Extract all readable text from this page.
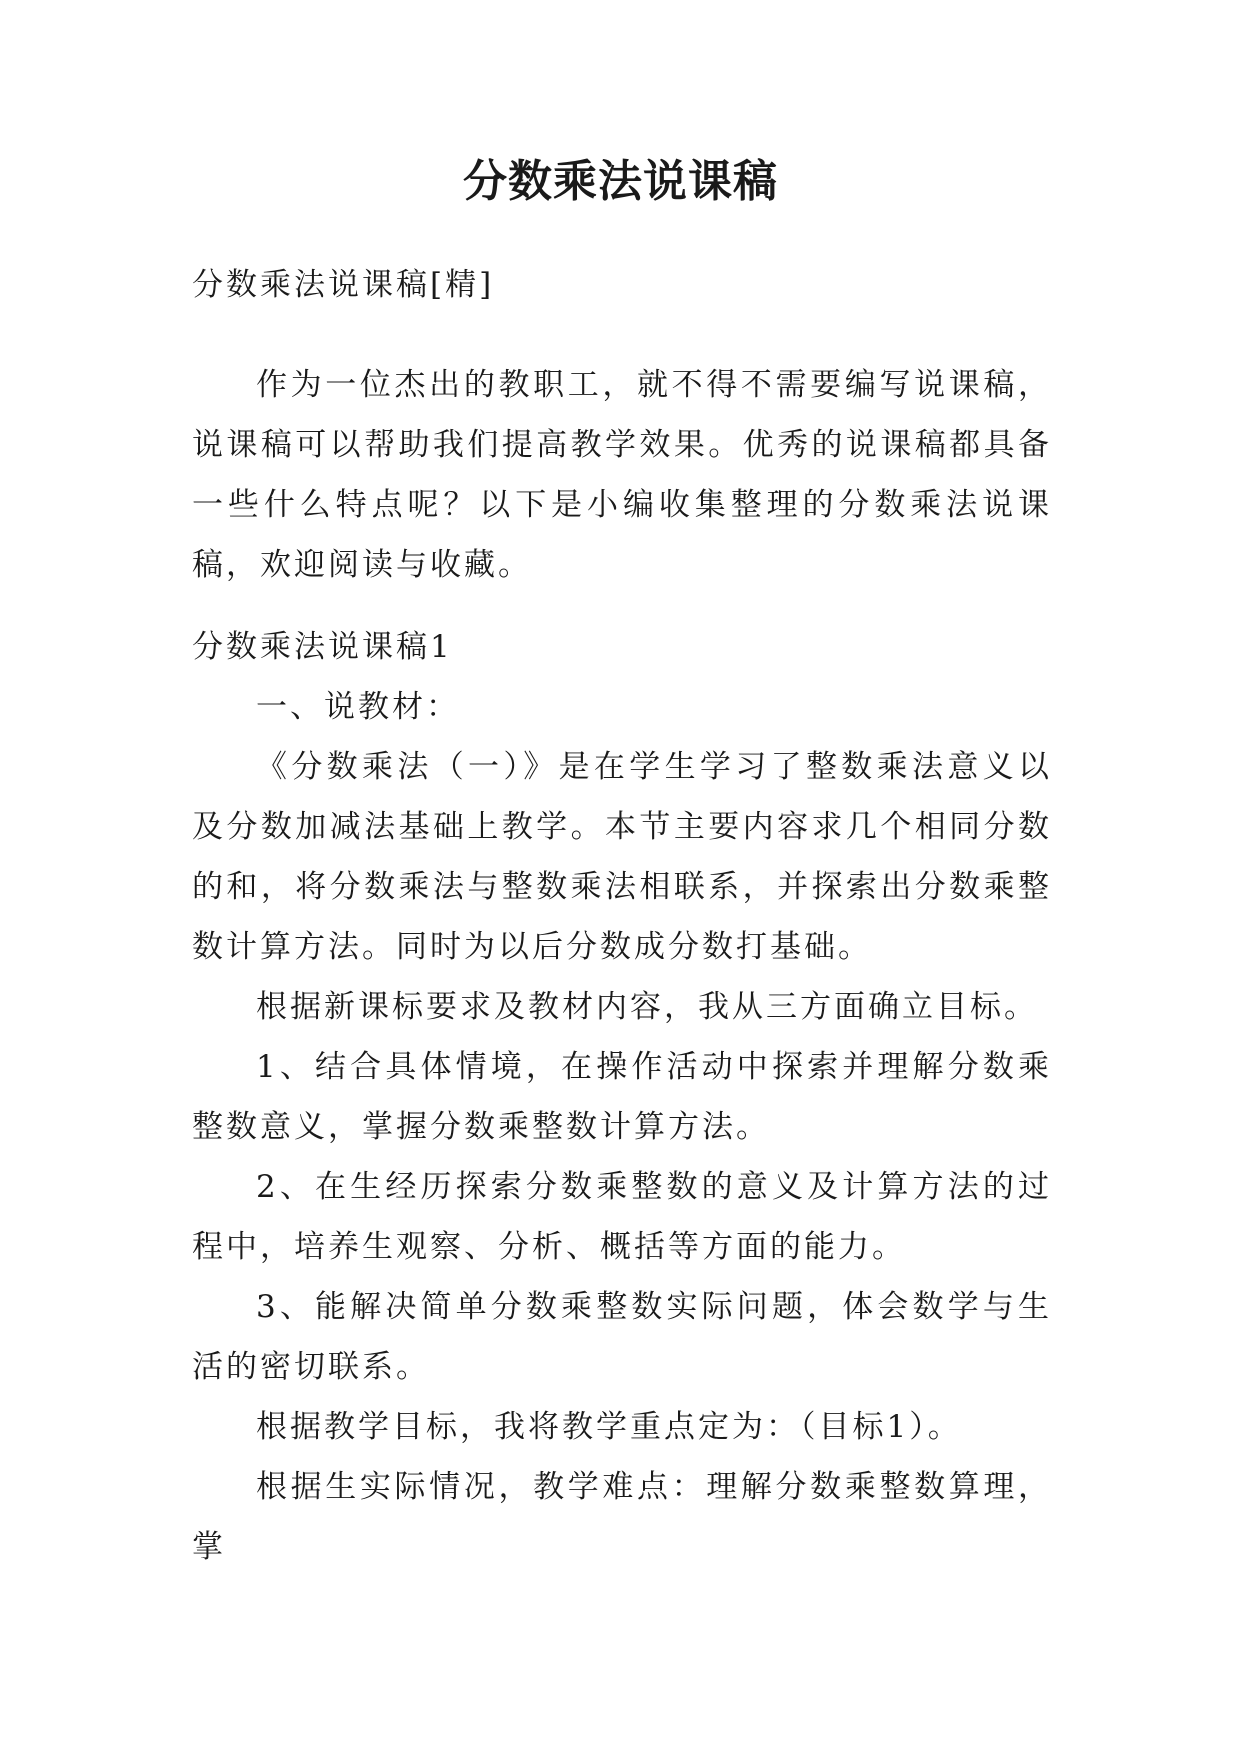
分数乘法说课稿

分数乘法说课稿[精]

作为一位杰出的教职工，就不得不需要编写说课稿，说课稿可以帮助我们提高教学效果。优秀的说课稿都具备一些什么特点呢？以下是小编收集整理的分数乘法说课稿，欢迎阅读与收藏。

分数乘法说课稿1

一、说教材：

《分数乘法（一）》是在学生学习了整数乘法意义以及分数加减法基础上教学。本节主要内容求几个相同分数的和，将分数乘法与整数乘法相联系，并探索出分数乘整数计算方法。同时为以后分数成分数打基础。

根据新课标要求及教材内容，我从三方面确立目标。

1、结合具体情境，在操作活动中探索并理解分数乘整数意义，掌握分数乘整数计算方法。

2、在生经历探索分数乘整数的意义及计算方法的过程中，培养生观察、分析、概括等方面的能力。

3、能解决简单分数乘整数实际问题，体会数学与生活的密切联系。

根据教学目标，我将教学重点定为：（目标1）。

根据生实际情况，教学难点：理解分数乘整数算理，掌
